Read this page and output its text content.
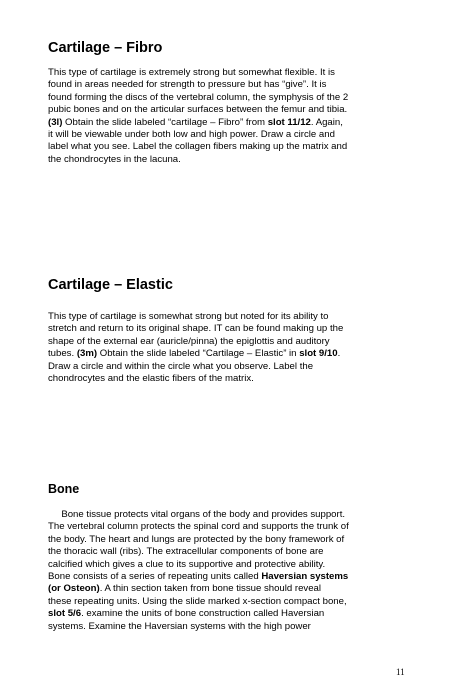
Cartilage – Fibro
This type of cartilage is extremely strong but somewhat flexible. It is
found in areas needed for strength to pressure but has “give”. It is
found forming the discs of the vertebral column, the symphysis of the 2
pubic bones and on the articular surfaces between the femur and tibia.
(3l) Obtain the slide labeled “cartilage – Fibro” from slot 11/12. Again,
it will be viewable under both low and high power. Draw a circle and
label what you see. Label the collagen fibers making up the matrix and
the chondrocytes in the lacuna.
Cartilage – Elastic
This type of cartilage is somewhat strong but noted for its ability to
stretch and return to its original shape. IT can be found making up the
shape of the external ear (auricle/pinna) the epiglottis and auditory
tubes. (3m) Obtain the slide labeled “Cartilage – Elastic” in slot 9/10.
Draw a circle and within the circle what you observe. Label the
chondrocytes and the elastic fibers of the matrix.
Bone
Bone tissue protects vital organs of the body and provides support.
The vertebral column protects the spinal cord and supports the trunk of
the body. The heart and lungs are protected by the bony framework of
the thoracic wall (ribs). The extracellular components of bone are
calcified which gives a clue to its supportive and protective ability.
Bone consists of a series of repeating units called Haversian systems
(or Osteon). A thin section taken from bone tissue should reveal
these repeating units. Using the slide marked x-section compact bone,
slot 5/6. examine the units of bone construction called Haversian
systems. Examine the Haversian systems with the high power
11
